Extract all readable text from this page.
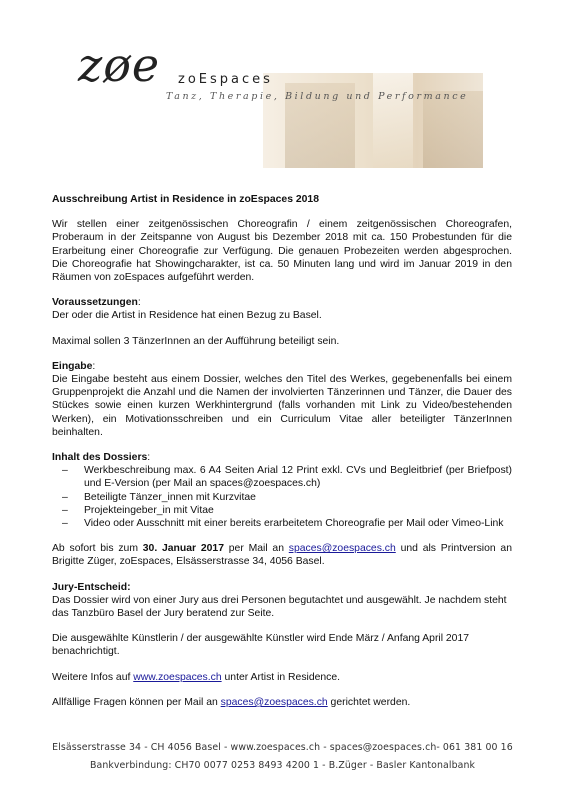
zøe zoEspaces
Tanz, Therapie, Bildung und Performance

Ausschreibung Artist in Residence in zoEspaces 2018

Wir stellen einer zeitgenössischen Choreografin / einem zeitgenössischen Choreografen, Proberaum in der Zeitspanne von August bis Dezember 2018 mit ca. 150 Probestunden für die Erarbeitung einer Choreografie zur Verfügung. Die genauen Probezeiten werden abgesprochen. Die Choreografie hat Showingcharakter, ist ca. 50 Minuten lang und wird im Januar 2019 in den Räumen von zoEspaces aufgeführt werden.

Voraussetzungen:
Der oder die Artist in Residence hat einen Bezug zu Basel.

Maximal sollen 3 TänzerInnen an der Aufführung beteiligt sein.

Eingabe:
Die Eingabe besteht aus einem Dossier, welches den Titel des Werkes, gegebenenfalls bei einem Gruppenprojekt die Anzahl und die Namen der involvierten Tänzerinnen und Tänzer, die Dauer des Stückes sowie einen kurzen Werkhintergrund (falls vorhanden mit Link zu Video/bestehenden Werken), ein Motivationsschreiben und ein Curriculum Vitae aller beteiligter TänzerInnen beinhalten.

Inhalt des Dossiers:
– Werkbeschreibung max. 6 A4 Seiten Arial 12 Print exkl. CVs und Begleitbrief (per Briefpost) und E-Version (per Mail an spaces@zoespaces.ch)
– Beteiligte Tänzer_innen mit Kurzvitae
– Projekteingeber_in mit Vitae
– Video oder Ausschnitt mit einer bereits erarbeitetem Choreografie per Mail oder Vimeo-Link

Ab sofort bis zum 30. Januar 2017 per Mail an spaces@zoespaces.ch und als Printversion an Brigitte Züger, zoEspaces, Elsässerstrasse 34, 4056 Basel.

Jury-Entscheid:
Das Dossier wird von einer Jury aus drei Personen begutachtet und ausgewählt. Je nachdem steht das Tanzbüro Basel der Jury beratend zur Seite.

Die ausgewählte Künstlerin / der ausgewählte Künstler wird Ende März / Anfang April 2017 benachrichtigt.

Weitere Infos auf www.zoespaces.ch unter Artist in Residence.

Allfällige Fragen können per Mail an spaces@zoespaces.ch gerichtet werden.

Elsässerstrasse 34 - CH 4056 Basel - www.zoespaces.ch - spaces@zoespaces.ch- 061 381 00 16
Bankverbindung: CH70 0077 0253 8493 4200 1 - B.Züger - Basler Kantonalbank
